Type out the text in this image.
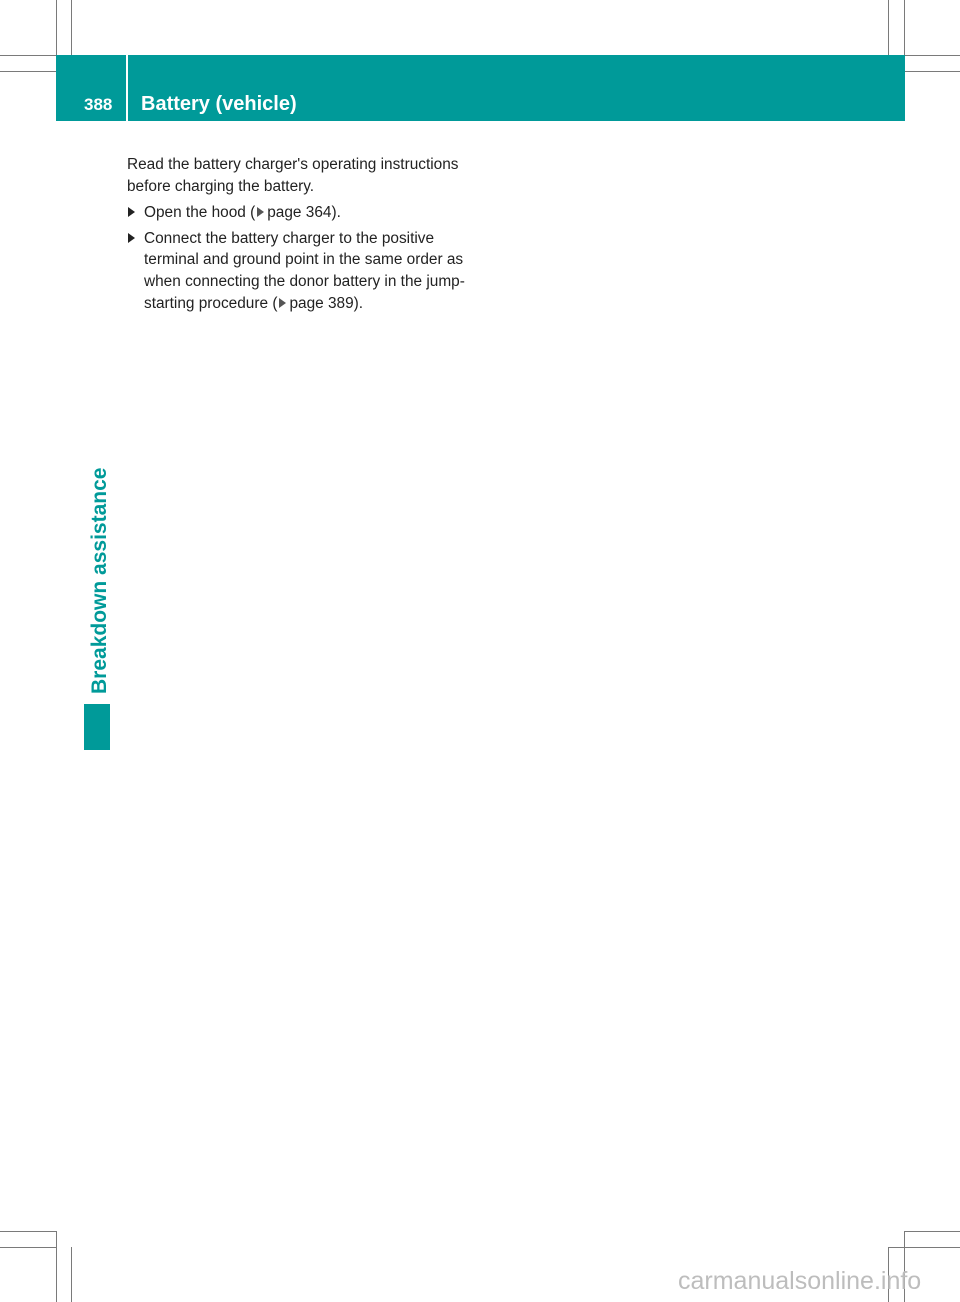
388 Battery (vehicle)
Breakdown assistance

Read the battery charger's operating instructions before charging the battery.

Open the hood ( page 364).
Connect the battery charger to the positive terminal and ground point in the same order as when connecting the donor battery in the jump-starting procedure ( page 389).
carmanualsonline.info
